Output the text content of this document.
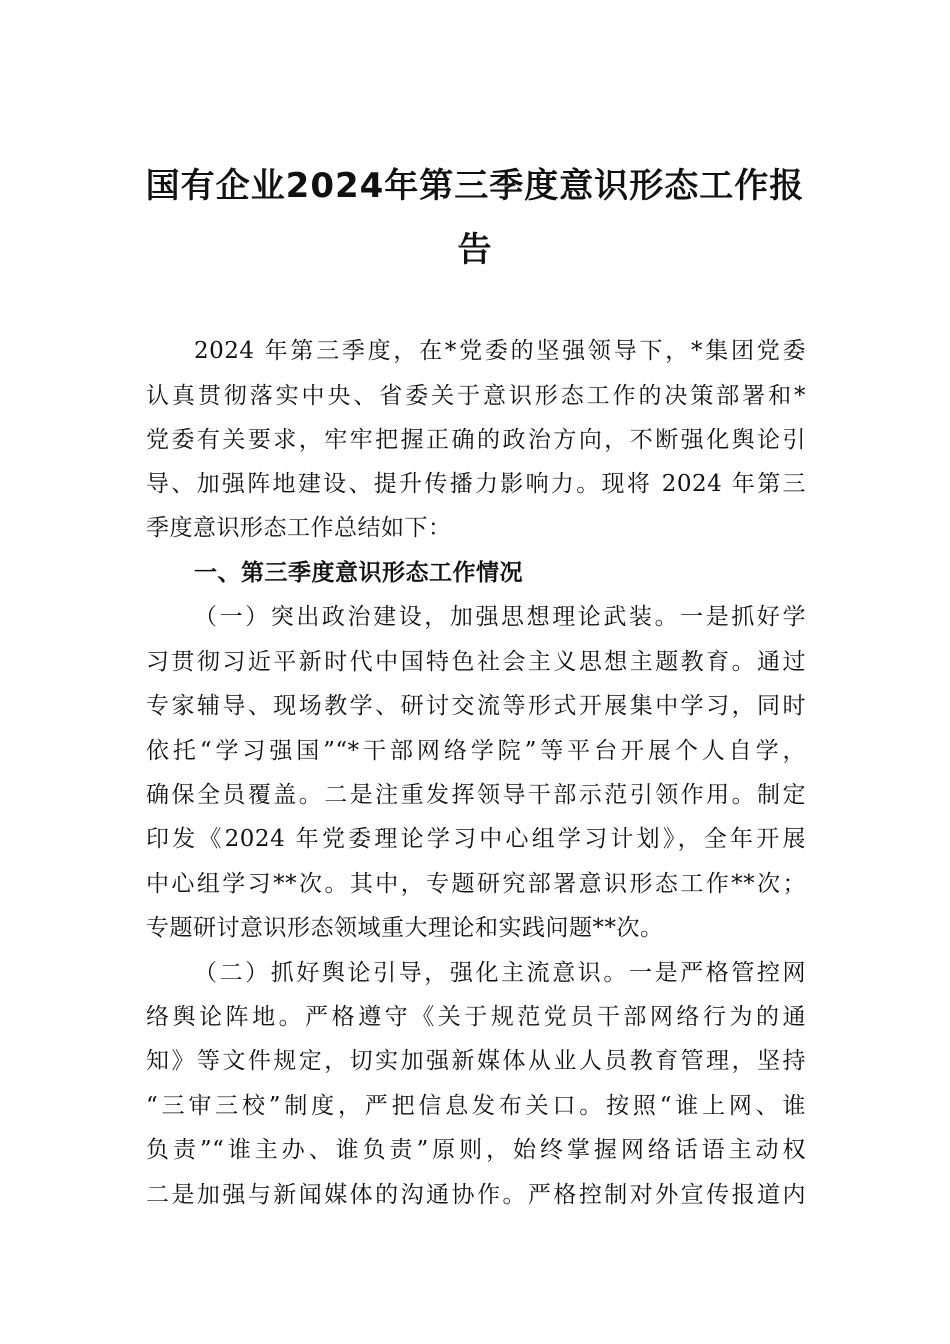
国有企业2024年第三季度意识形态工作报
告
2024 年第三季度，在*党委的坚强领导下，*集团党委
认真贯彻落实中央、省委关于意识形态工作的决策部署和*
党委有关要求，牢牢把握正确的政治方向，不断强化舆论引
导、加强阵地建设、提升传播力影响力。现将 2024 年第三
季度意识形态工作总结如下：
一、第三季度意识形态工作情况
（一）突出政治建设，加强思想理论武装。一是抓好学
习贯彻习近平新时代中国特色社会主义思想主题教育。通过
专家辅导、现场教学、研讨交流等形式开展集中学习，同时
依托“学习强国”“*干部网络学院”等平台开展个人自学，
确保全员覆盖。二是注重发挥领导干部示范引领作用。制定
印发《2024 年党委理论学习中心组学习计划》，全年开展
中心组学习**次。其中，专题研究部署意识形态工作**次；
专题研讨意识形态领域重大理论和实践问题**次。
（二）抓好舆论引导，强化主流意识。一是严格管控网
络舆论阵地。严格遵守《关于规范党员干部网络行为的通
知》等文件规定，切实加强新媒体从业人员教育管理，坚持
“三审三校”制度，严把信息发布关口。按照“谁上网、谁
负责”“谁主办、谁负责”原则，始终掌握网络话语主动权
二是加强与新闻媒体的沟通协作。严格控制对外宣传报道内
